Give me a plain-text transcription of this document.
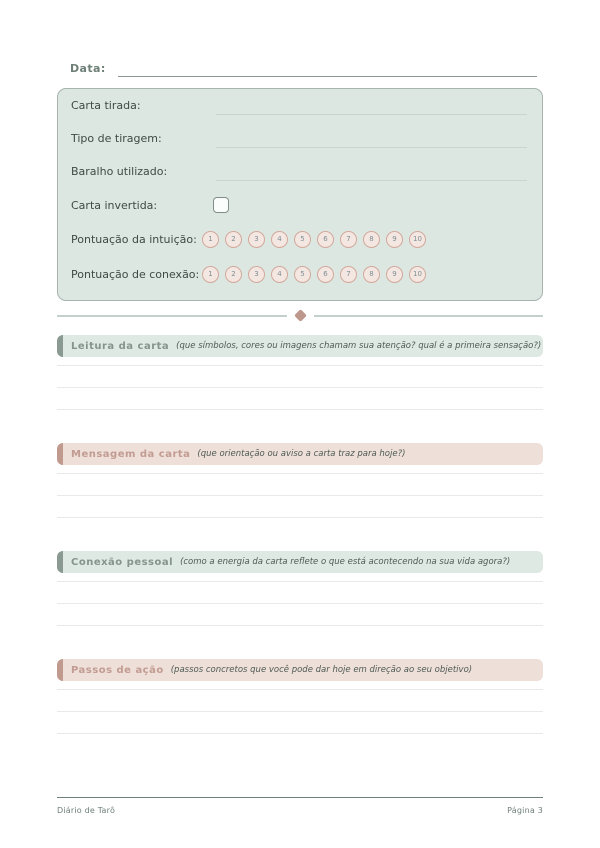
Data:
Carta tirada:
Tipo de tiragem:
Baralho utilizado:
Carta invertida:
Pontuação da intuição:	1	2	3	4	5	6	7	8	9	10
Pontuação de conexão:	1	2	3	4	5	6	7	8	9	10
Leitura da carta (que símbolos, cores ou imagens chamam sua atenção? qual é a primeira sensação?)
Mensagem da carta (que orientação ou aviso a carta traz para hoje?)
Conexão pessoal (como a energia da carta reflete o que está acontecendo na sua vida agora?)
Passos de ação (passos concretos que você pode dar hoje em direção ao seu objetivo)
Diário de Tarô	Página 3
